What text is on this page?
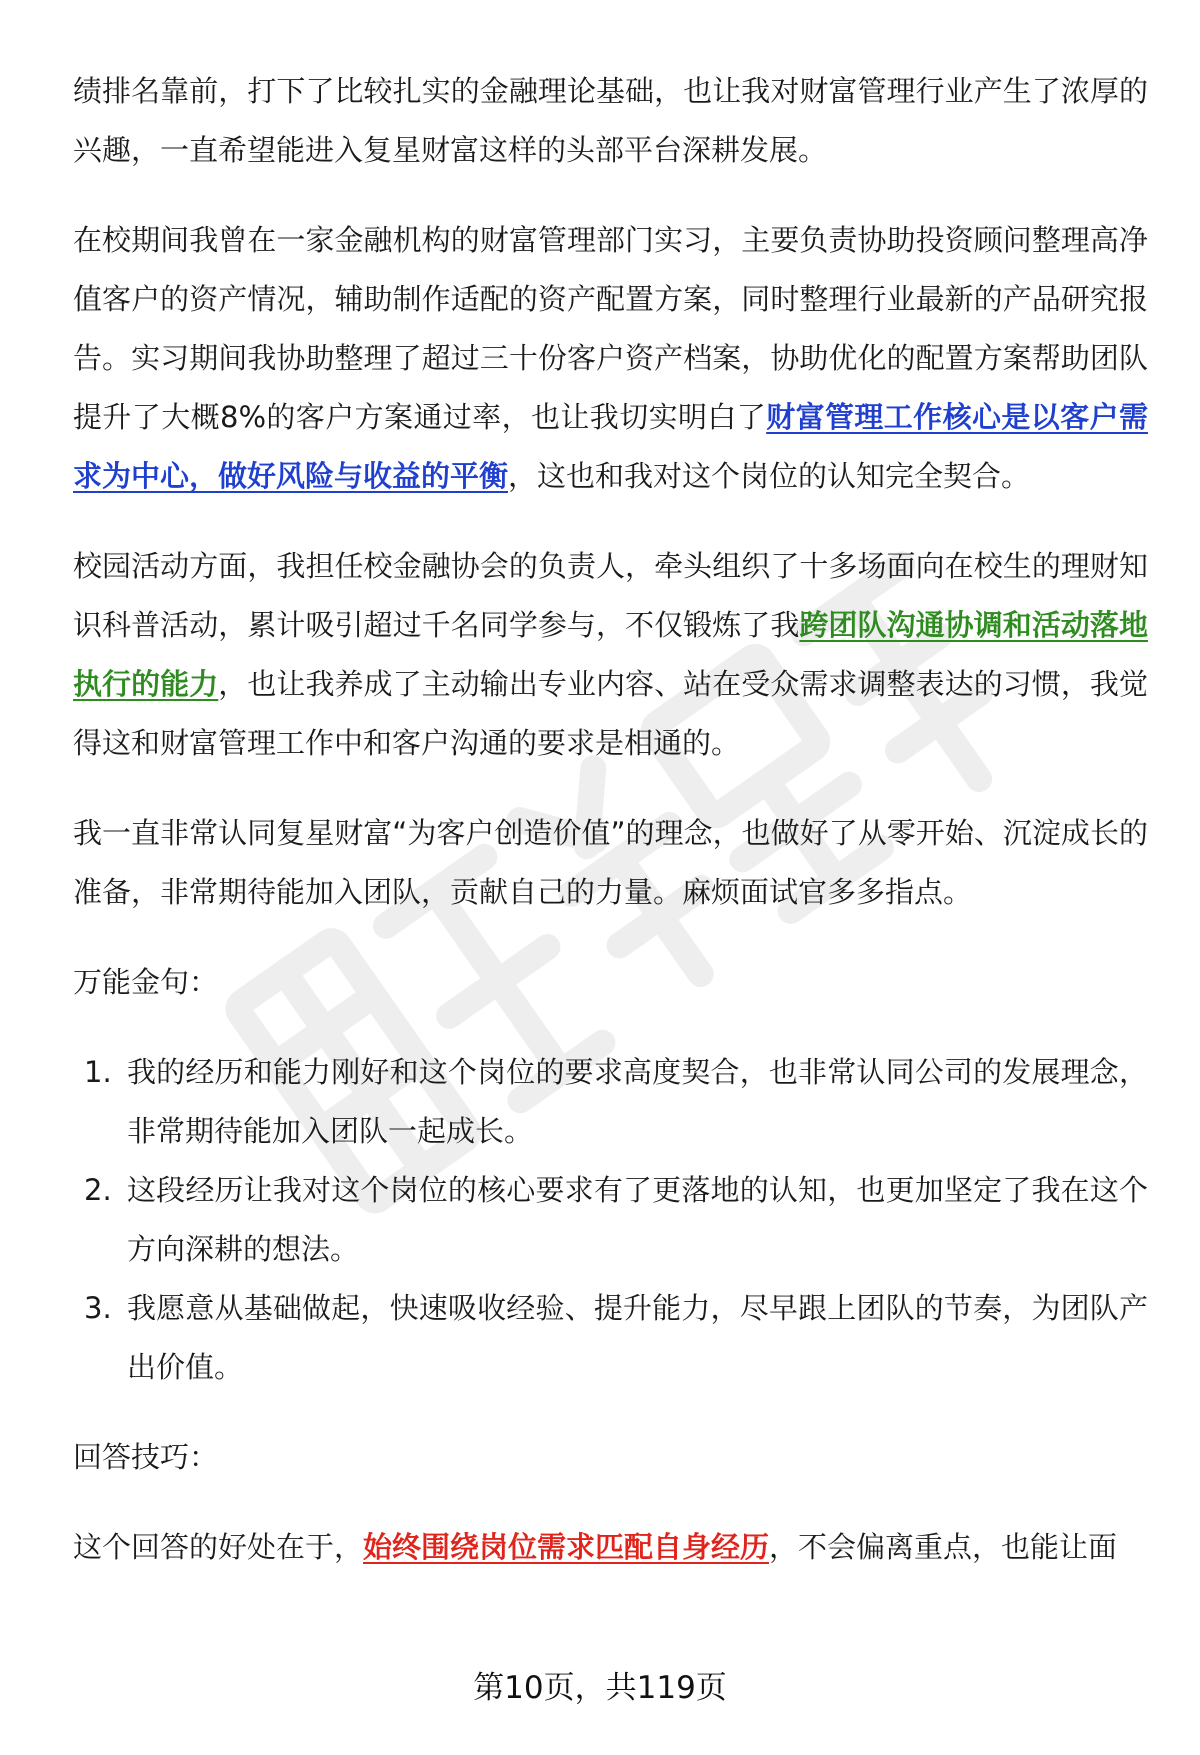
绩排名靠前，打下了比较扎实的金融理论基础，也让我对财富管理行业产生了浓厚的兴趣，一直希望能进入复星财富这样的头部平台深耕发展。

在校期间我曾在一家金融机构的财富管理部门实习，主要负责协助投资顾问整理高净值客户的资产情况，辅助制作适配的资产配置方案，同时整理行业最新的产品研究报告。实习期间我协助整理了超过三十份客户资产档案，协助优化的配置方案帮助团队提升了大概8%的客户方案通过率，也让我切实明白了财富管理工作核心是以客户需求为中心，做好风险与收益的平衡，这也和我对这个岗位的认知完全契合。

校园活动方面，我担任校金融协会的负责人，牵头组织了十多场面向在校生的理财知识科普活动，累计吸引超过千名同学参与，不仅锻炼了我跨团队沟通协调和活动落地执行的能力，也让我养成了主动输出专业内容、站在受众需求调整表达的习惯，我觉得这和财富管理工作中和客户沟通的要求是相通的。

我一直非常认同复星财富“为客户创造价值”的理念，也做好了从零开始、沉淀成长的准备，非常期待能加入团队，贡献自己的力量。麻烦面试官多多指点。

万能金句：

1. 我的经历和能力刚好和这个岗位的要求高度契合，也非常认同公司的发展理念，非常期待能加入团队一起成长。
2. 这段经历让我对这个岗位的核心要求有了更落地的认知，也更加坚定了我在这个方向深耕的想法。
3. 我愿意从基础做起，快速吸收经验、提升能力，尽早跟上团队的节奏，为团队产出价值。

回答技巧：

这个回答的好处在于，始终围绕岗位需求匹配自身经历，不会偏离重点，也能让面

第10页，共119页
